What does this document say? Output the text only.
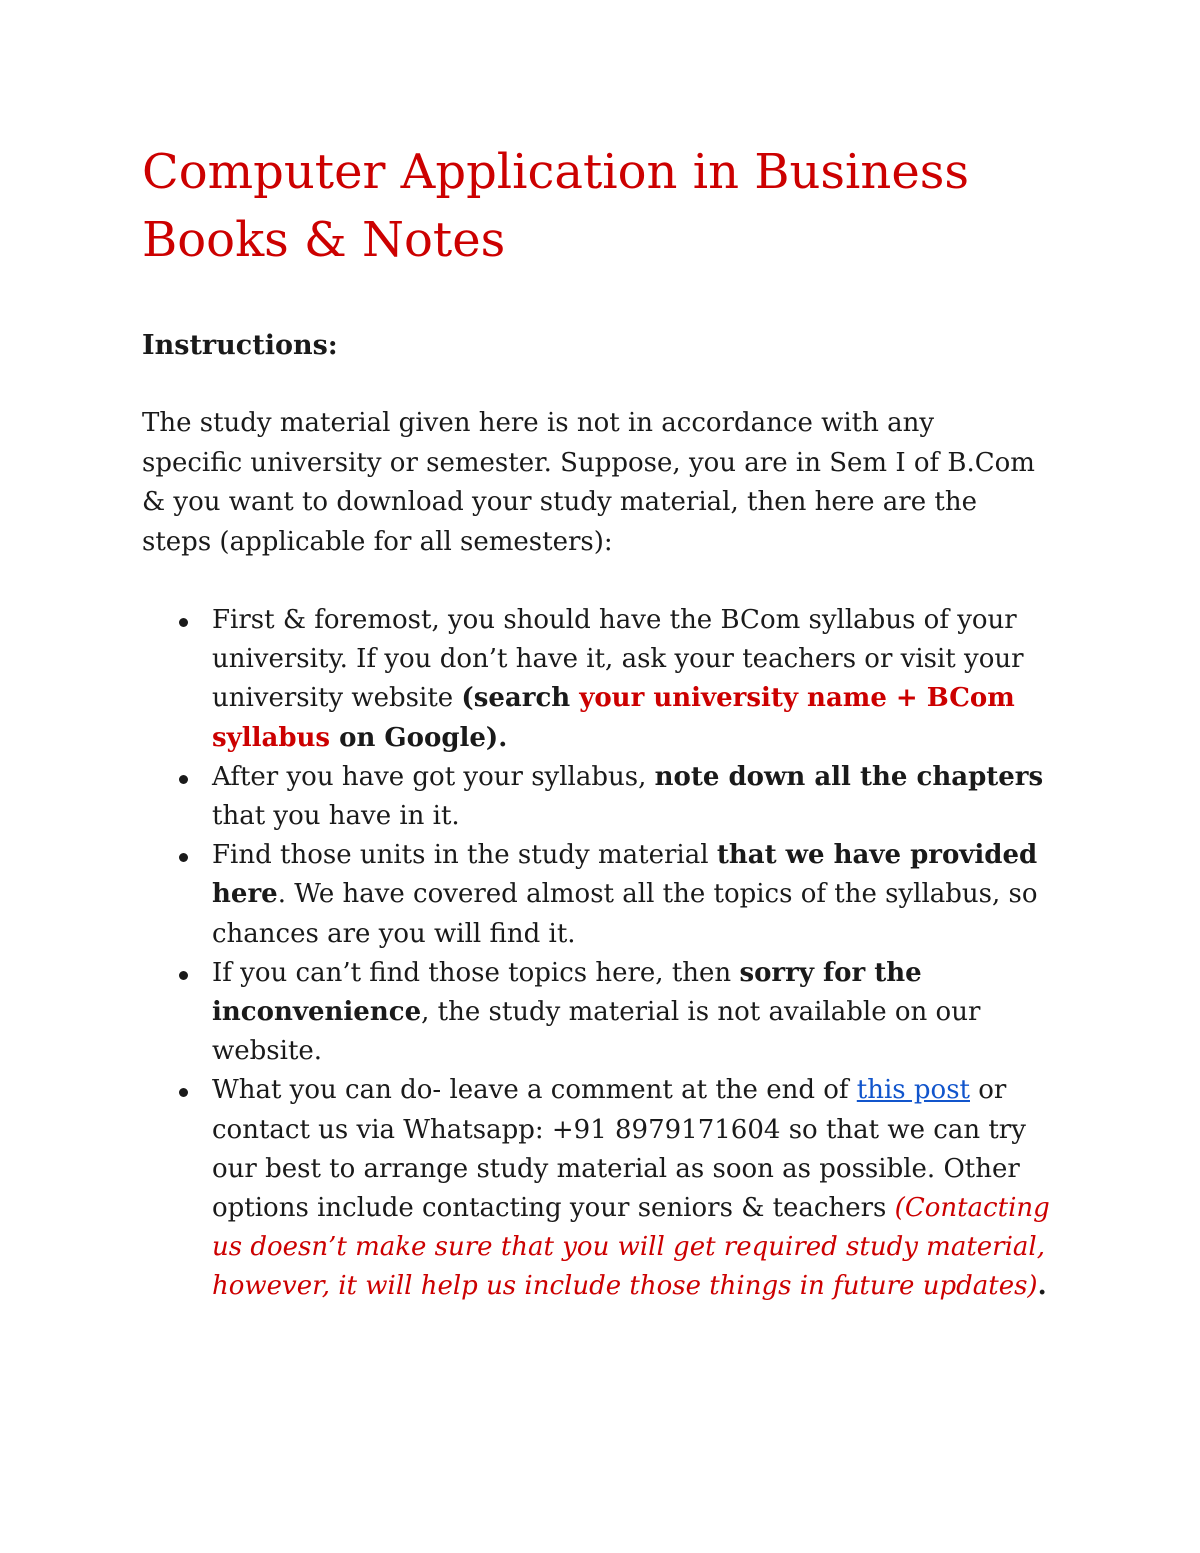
Computer Application in Business
Books & Notes
Instructions:

The study material given here is not in accordance with any specific university or semester. Suppose, you are in Sem I of B.Com & you want to download your study material, then here are the steps (applicable for all semesters):

First & foremost, you should have the BCom syllabus of your university. If you don’t have it, ask your teachers or visit your university website (search your university name + BCom syllabus on Google).
After you have got your syllabus, note down all the chapters that you have in it.
Find those units in the study material that we have provided here. We have covered almost all the topics of the syllabus, so chances are you will find it.
If you can’t find those topics here, then sorry for the inconvenience, the study material is not available on our website.
What you can do- leave a comment at the end of this post or contact us via Whatsapp: +91 8979171604 so that we can try our best to arrange study material as soon as possible. Other options include contacting your seniors & teachers (Contacting us doesn’t make sure that you will get required study material, however, it will help us include those things in future updates).
